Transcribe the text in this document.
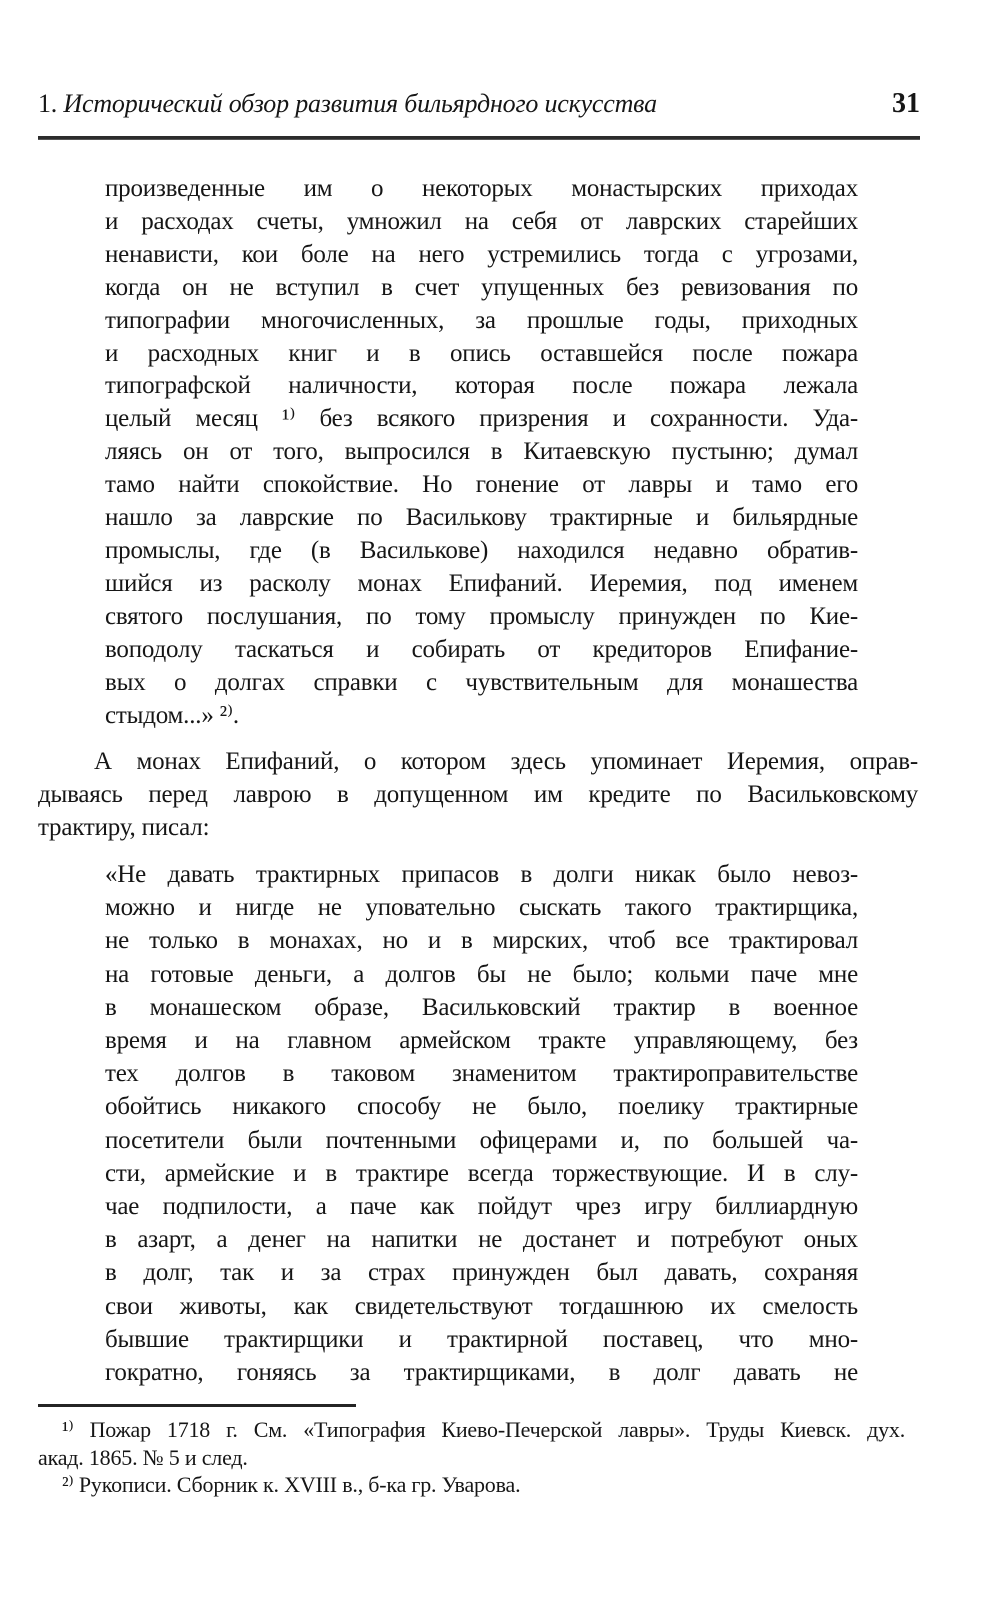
1. Исторический обзор развития бильярдного искусства	31
произведенные им о некоторых монастырских приходах
и расходах счеты, умножил на себя от лаврских старейших
ненависти, кои боле на него устремились тогда с угрозами,
когда он не вступил в счет упущенных без ревизования по
типографии многочисленных, за прошлые годы, приходных
и расходных книг и в опись оставшейся после пожара
типографской наличности, которая после пожара лежала
целый месяц ¹⁾ без всякого призрения и сохранности. Уда-
ляясь он от того, выпросился в Китаевскую пустыню; думал
тамо найти спокойствие. Но гонение от лавры и тамо его
нашло за лаврские по Василькову трактирные и бильярдные
промыслы, где (в Василькове) находился недавно обратив-
шийся из расколу монах Епифаний. Иеремия, под именем
святого послушания, по тому промыслу принужден по Кие-
воподолу таскаться и собирать от кредиторов Епифание-
вых о долгах справки с чувствительным для монашества
стыдом...» ²⁾.
А монах Епифаний, о котором здесь упоминает Иеремия, оправ-
дываясь перед лаврою в допущенном им кредите по Васильковскому
трактиру, писал:
«Не давать трактирных припасов в долги никак было невоз-
можно и нигде не уповательно сыскать такого трактирщика,
не только в монахах, но и в мирских, чтоб все трактировал
на готовые деньги, а долгов бы не было; кольми паче мне
в монашеском образе, Васильковский трактир в военное
время и на главном армейском тракте управляющему, без
тех долгов в таковом знаменитом трактироправительстве
обойтись никакого способу не было, поелику трактирные
посетители были почтенными офицерами и, по большей ча-
сти, армейские и в трактире всегда торжествующие. И в слу-
чае подпилости, а паче как пойдут чрез игру биллиардную
в азарт, а денег на напитки не достанет и потребуют оных
в долг, так и за страх принужден был давать, сохраняя
свои животы, как свидетельствуют тогдашнюю их смелость
бывшие трактирщики и трактирной поставец, что мно-
гократно, гоняясь за трактирщиками, в долг давать не
¹⁾ Пожар 1718 г. См. «Типография Киево-Печерской лавры». Труды Киевск. дух.
акад. 1865. № 5 и след.
²⁾ Рукописи. Сборник к. XVIII в., б-ка гр. Уварова.
